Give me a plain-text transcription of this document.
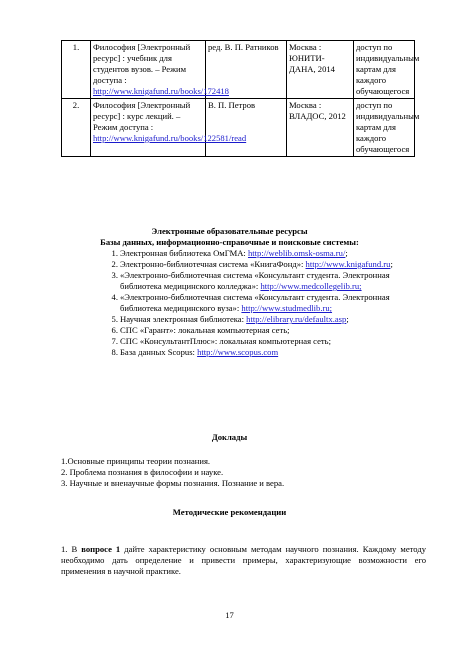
1.	Философия [Электронный ресурс] : учебник для студентов вузов. – Режим доступа : http://www.knigafund.ru/books/172418	ред. В. П. Ратников	Москва : ЮНИТИ-ДАНА, 2014	доступ по индивидуальным картам для каждого обучающегося
2.	Философия [Электронный ресурс] : курс лекций. – Режим доступа : http://www.knigafund.ru/books/122581/read	В. П. Петров	Москва : ВЛАДОС, 2012	доступ по индивидуальным картам для каждого обучающегося
Электронные образовательные ресурсы
Базы данных, информационно-справочные и поисковые системы:
1. Электронная библиотека ОмГМА: http://weblib.omsk-osma.ru/;
2. Электронно-библиотечная система «КнигаФонд»: http://www.knigafund.ru;
3. «Электронно-библиотечная система «Консультант студента. Электронная библиотека медицинского колледжа»: http://www.medcollegelib.ru;
4. «Электронно-библиотечная система «Консультант студента. Электронная библиотека медицинского вуза»: http://www.studmedlib.ru;
5. Научная электронная библиотека: http://elibrary.ru/defaultx.asp;
6. СПС «Гарант»: локальная компьютерная сеть;
7. СПС «КонсультантПлюс»: локальная компьютерная сеть;
8. База данных Scopus: http://www.scopus.com
Доклады

1.Основные принципы теории познания.

2. Проблема познания в философии и науке.

3. Научные и вненаучные формы познания. Познание и вера.

Методические рекомендации
1. В вопросе 1 дайте характеристику основным методам научного познания. Каждому методу необходимо дать определение и привести примеры, характеризующие возможности его применения в научной практике.
17
